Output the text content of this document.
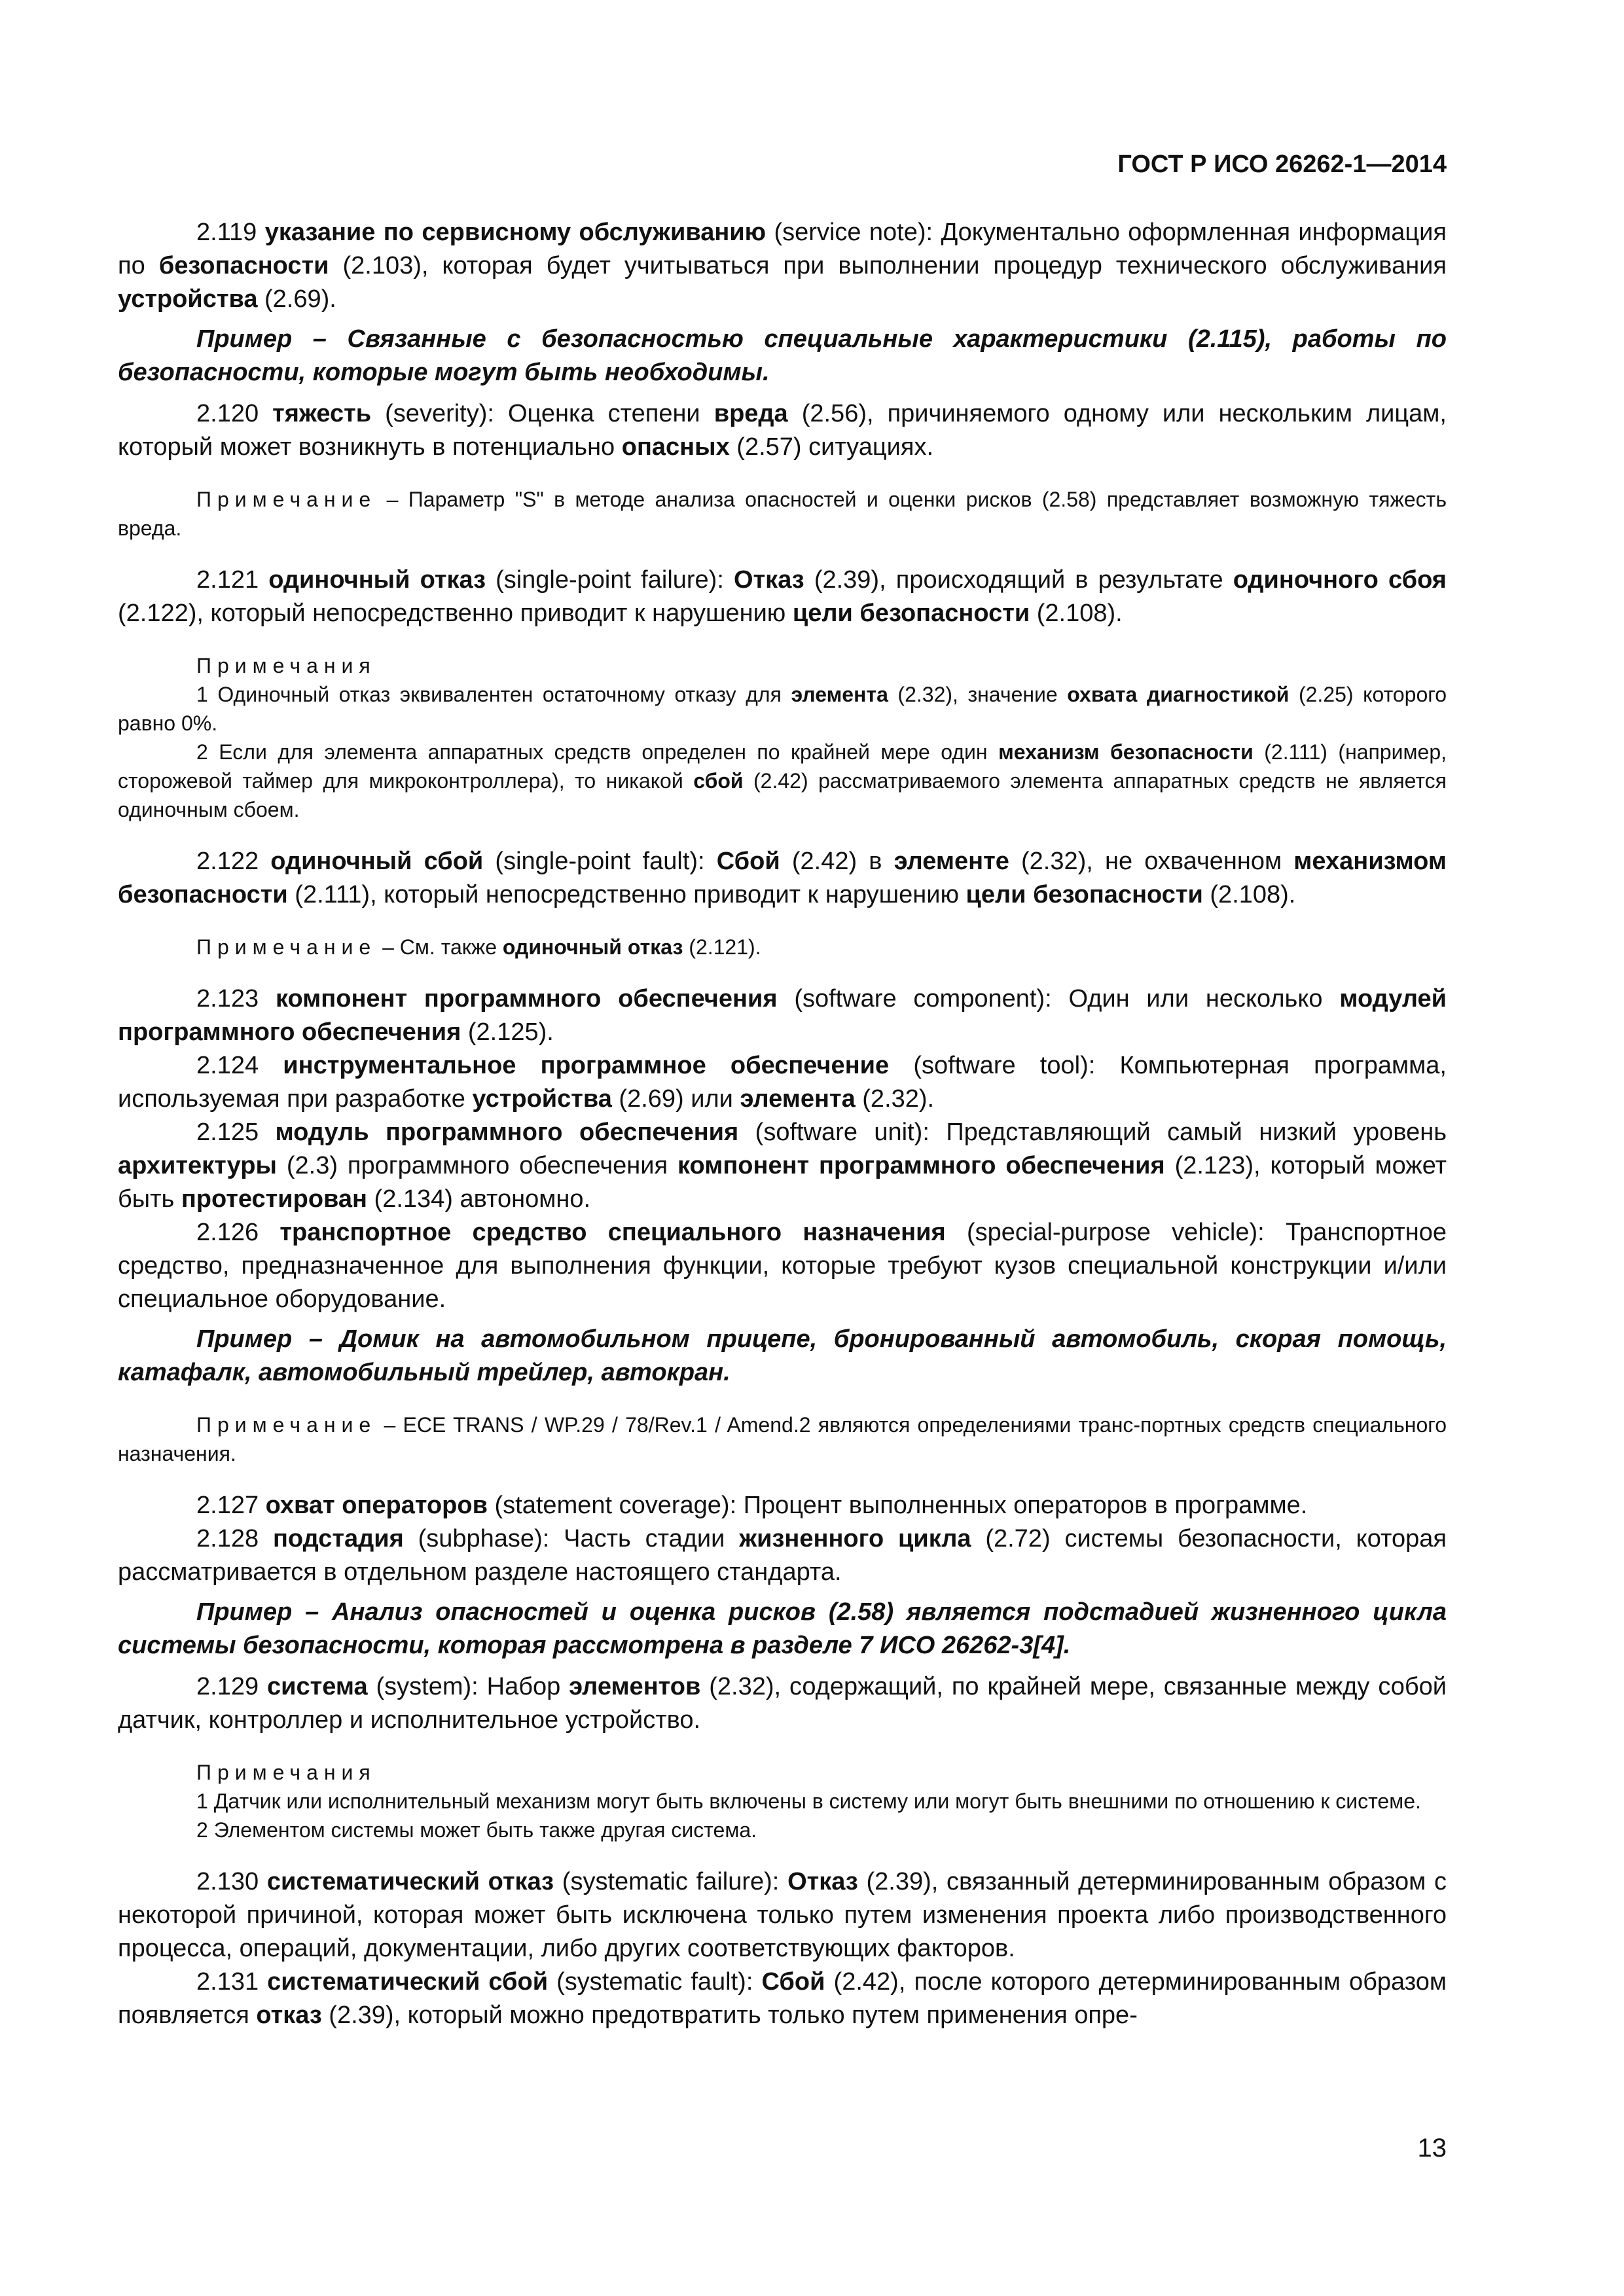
ГОСТ Р ИСО 26262-1—2014

2.119 указание по сервисному обслуживанию (service note): Документально оформленная информация по безопасности (2.103), которая будет учитываться при выполнении процедур технического обслуживания устройства (2.69).

Пример – Связанные с безопасностью специальные характеристики (2.115), работы по безопасности, которые могут быть необходимы.

2.120 тяжесть (severity): Оценка степени вреда (2.56), причиняемого одному или нескольким лицам, который может возникнуть в потенциально опасных (2.57) ситуациях.

Примечание – Параметр "S" в методе анализа опасностей и оценки рисков (2.58) представляет возможную тяжесть вреда.

2.121 одиночный отказ (single-point failure): Отказ (2.39), происходящий в результате одиночного сбоя (2.122), который непосредственно приводит к нарушению цели безопасности (2.108).

Примечания

1 Одиночный отказ эквивалентен остаточному отказу для элемента (2.32), значение охвата диагностикой (2.25) которого равно 0%.

2 Если для элемента аппаратных средств определен по крайней мере один механизм безопасности (2.111) (например, сторожевой таймер для микроконтроллера), то никакой сбой (2.42) рассматриваемого элемента аппаратных средств не является одиночным сбоем.

2.122 одиночный сбой (single-point fault): Сбой (2.42) в элементе (2.32), не охваченном механизмом безопасности (2.111), который непосредственно приводит к нарушению цели безопасности (2.108).

Примечание – См. также одиночный отказ (2.121).

2.123 компонент программного обеспечения (software component): Один или несколько модулей программного обеспечения (2.125).

2.124 инструментальное программное обеспечение (software tool): Компьютерная программа, используемая при разработке устройства (2.69) или элемента (2.32).

2.125 модуль программного обеспечения (software unit): Представляющий самый низкий уровень архитектуры (2.3) программного обеспечения компонент программного обеспечения (2.123), который может быть протестирован (2.134) автономно.

2.126 транспортное средство специального назначения (special-purpose vehicle): Транспортное средство, предназначенное для выполнения функции, которые требуют кузов специальной конструкции и/или специальное оборудование.

Пример – Домик на автомобильном прицепе, бронированный автомобиль, скорая помощь, катафалк, автомобильный трейлер, автокран.

Примечание – ECE TRANS / WP.29 / 78/Rev.1 / Amend.2 являются определениями транс-портных средств специального назначения.

2.127 охват операторов (statement coverage): Процент выполненных операторов в программе.

2.128 подстадия (subphase): Часть стадии жизненного цикла (2.72) системы безопасности, которая рассматривается в отдельном разделе настоящего стандарта.

Пример – Анализ опасностей и оценка рисков (2.58) является подстадией жизненного цикла системы безопасности, которая рассмотрена в разделе 7 ИСО 26262-3[4].

2.129 система (system): Набор элементов (2.32), содержащий, по крайней мере, связанные между собой датчик, контроллер и исполнительное устройство.

Примечания

1 Датчик или исполнительный механизм могут быть включены в систему или могут быть внешними по отношению к системе.

2 Элементом системы может быть также другая система.

2.130 систематический отказ (systematic failure): Отказ (2.39), связанный детерминированным образом с некоторой причиной, которая может быть исключена только путем изменения проекта либо производственного процесса, операций, документации, либо других соответствующих факторов.

2.131 систематический сбой (systematic fault): Сбой (2.42), после которого детерминированным образом появляется отказ (2.39), который можно предотвратить только путем применения опре-

13
